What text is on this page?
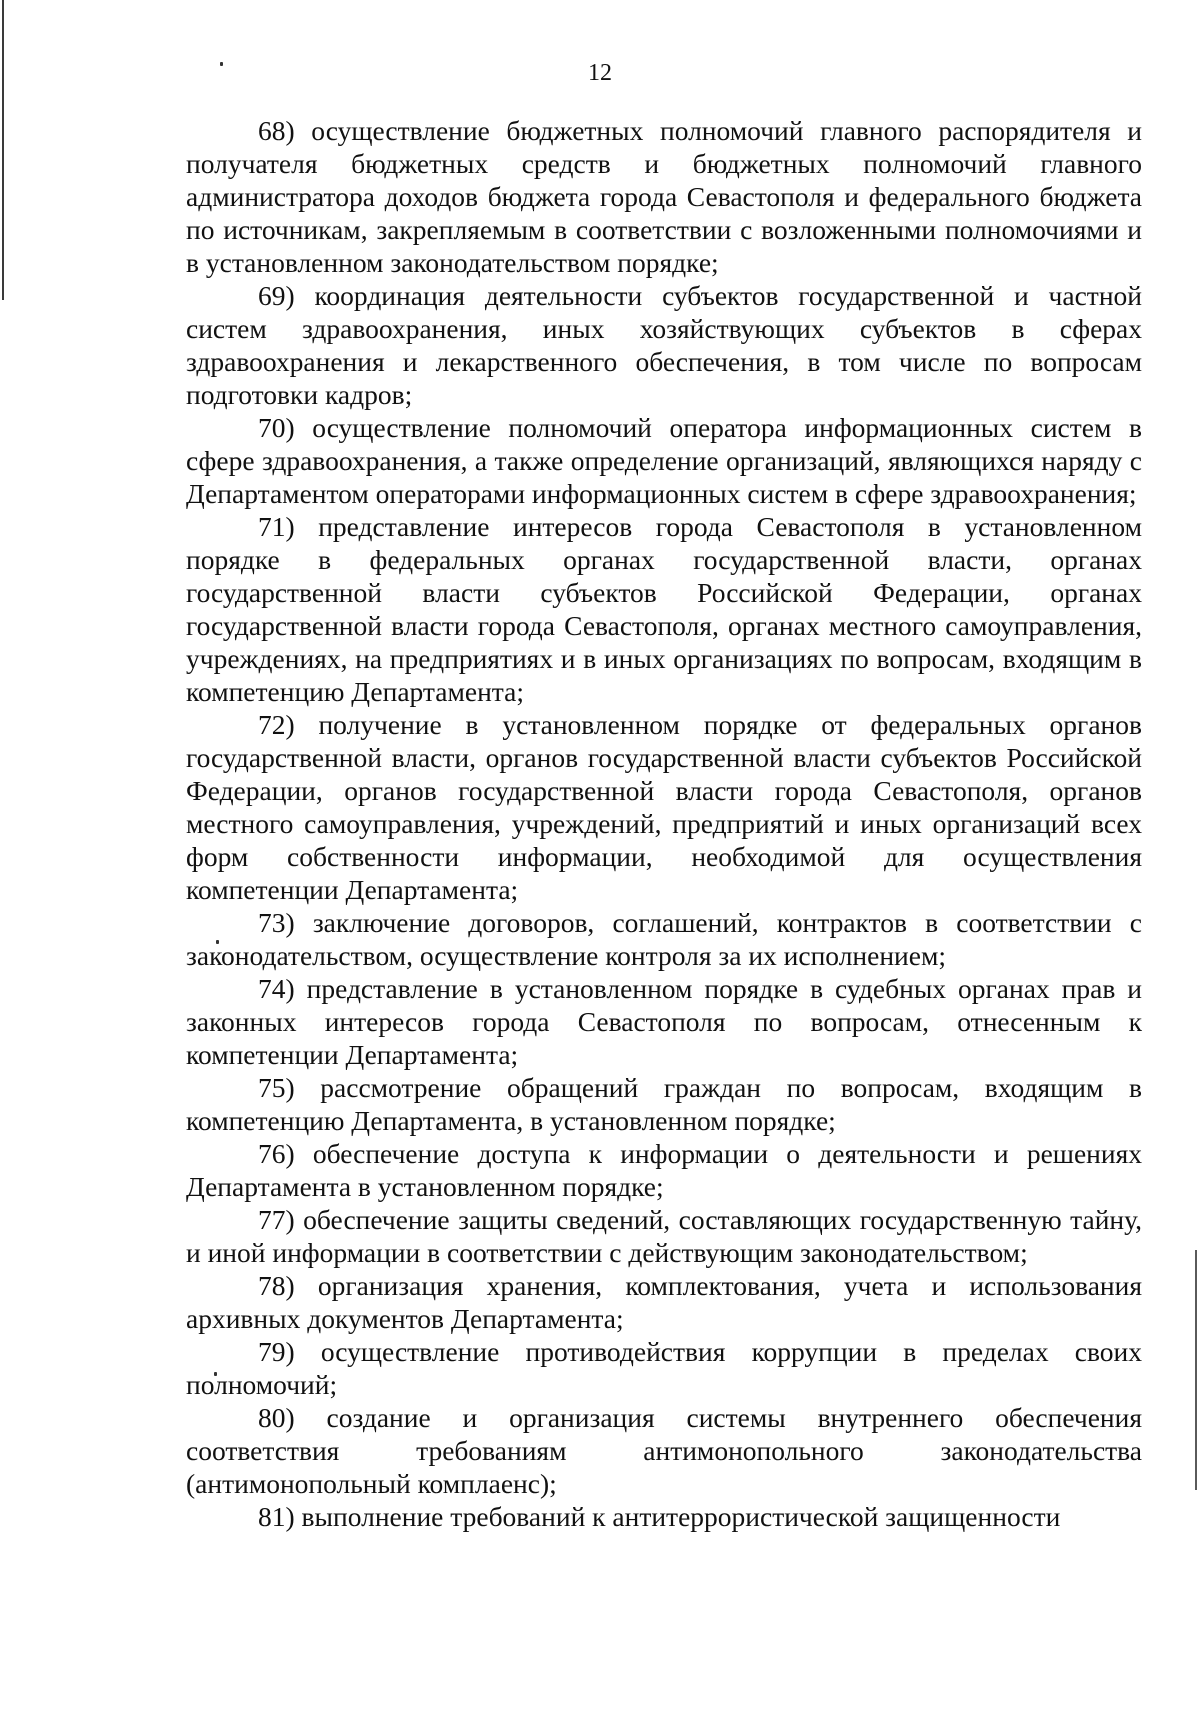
12

68) осуществление бюджетных полномочий главного распорядителя и получателя бюджетных средств и бюджетных полномочий главного администратора доходов бюджета города Севастополя и федерального бюджета по источникам, закрепляемым в соответствии с возложенными полномочиями и в установленном законодательством порядке;

69) координация деятельности субъектов государственной и частной систем здравоохранения, иных хозяйствующих субъектов в сферах здравоохранения и лекарственного обеспечения, в том числе по вопросам подготовки кадров;

70) осуществление полномочий оператора информационных систем в сфере здравоохранения, а также определение организаций, являющихся наряду с Департаментом операторами информационных систем в сфере здравоохранения;

71) представление интересов города Севастополя в установленном порядке в федеральных органах государственной власти, органах государственной власти субъектов Российской Федерации, органах государственной власти города Севастополя, органах местного самоуправления, учреждениях, на предприятиях и в иных организациях по вопросам, входящим в компетенцию Департамента;

72) получение в установленном порядке от федеральных органов государственной власти, органов государственной власти субъектов Российской Федерации, органов государственной власти города Севастополя, органов местного самоуправления, учреждений, предприятий и иных организаций всех форм собственности информации, необходимой для осуществления компетенции Департамента;

73) заключение договоров, соглашений, контрактов в соответствии с законодательством, осуществление контроля за их исполнением;

74) представление в установленном порядке в судебных органах прав и законных интересов города Севастополя по вопросам, отнесенным к компетенции Департамента;

75) рассмотрение обращений граждан по вопросам, входящим в компетенцию Департамента, в установленном порядке;

76) обеспечение доступа к информации о деятельности и решениях Департамента в установленном порядке;

77) обеспечение защиты сведений, составляющих государственную тайну, и иной информации в соответствии с действующим законодательством;

78) организация хранения, комплектования, учета и использования архивных документов Департамента;

79) осуществление противодействия коррупции в пределах своих полномочий;

80) создание и организация системы внутреннего обеспечения соответствия требованиям антимонопольного законодательства (антимонопольный комплаенс);

81) выполнение требований к антитеррористической защищенности
